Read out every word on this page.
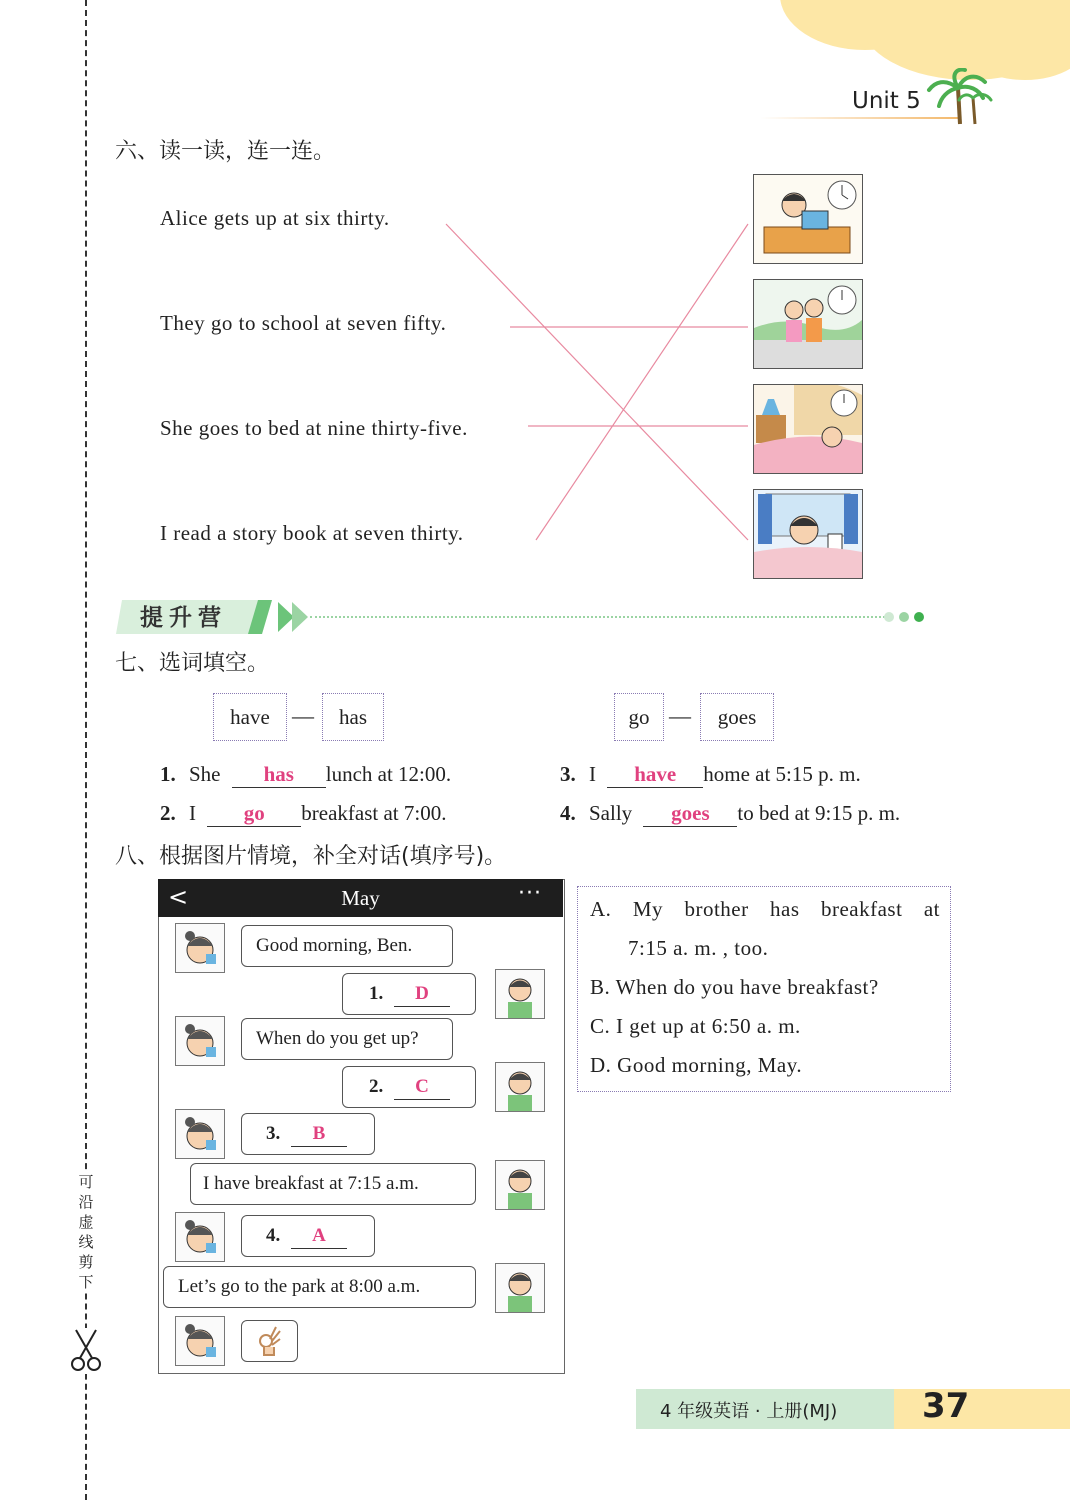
Unit 5
可沿虚线剪下
六、读一读，连一连。
Alice gets up at six thirty.
They go to school at seven fifty.
She goes to bed at nine thirty-five.
I read a story book at seven thirty.
提升营
七、选词填空。
have	—	has	go —	goes
1. She has lunch at 12:00.
2. I go breakfast at 7:00.
3. I have home at 5:15 p. m.
4. Sally goes to bed at 9:15 p. m.
八、根据图片情境，补全对话(填序号)。
<	May	···
Good morning, Ben.
1. D
When do you get up?
2. C
3. B
I have breakfast at 7:15 a.m.
4. A
Let’s go to the park at 8:00 a.m.
A. My brother has breakfast at
7:15 a. m. , too.
B. When do you have breakfast?
C. I get up at 6:50 a. m.
D. Good morning, May.
4 年级英语 · 上册(MJ) 37
